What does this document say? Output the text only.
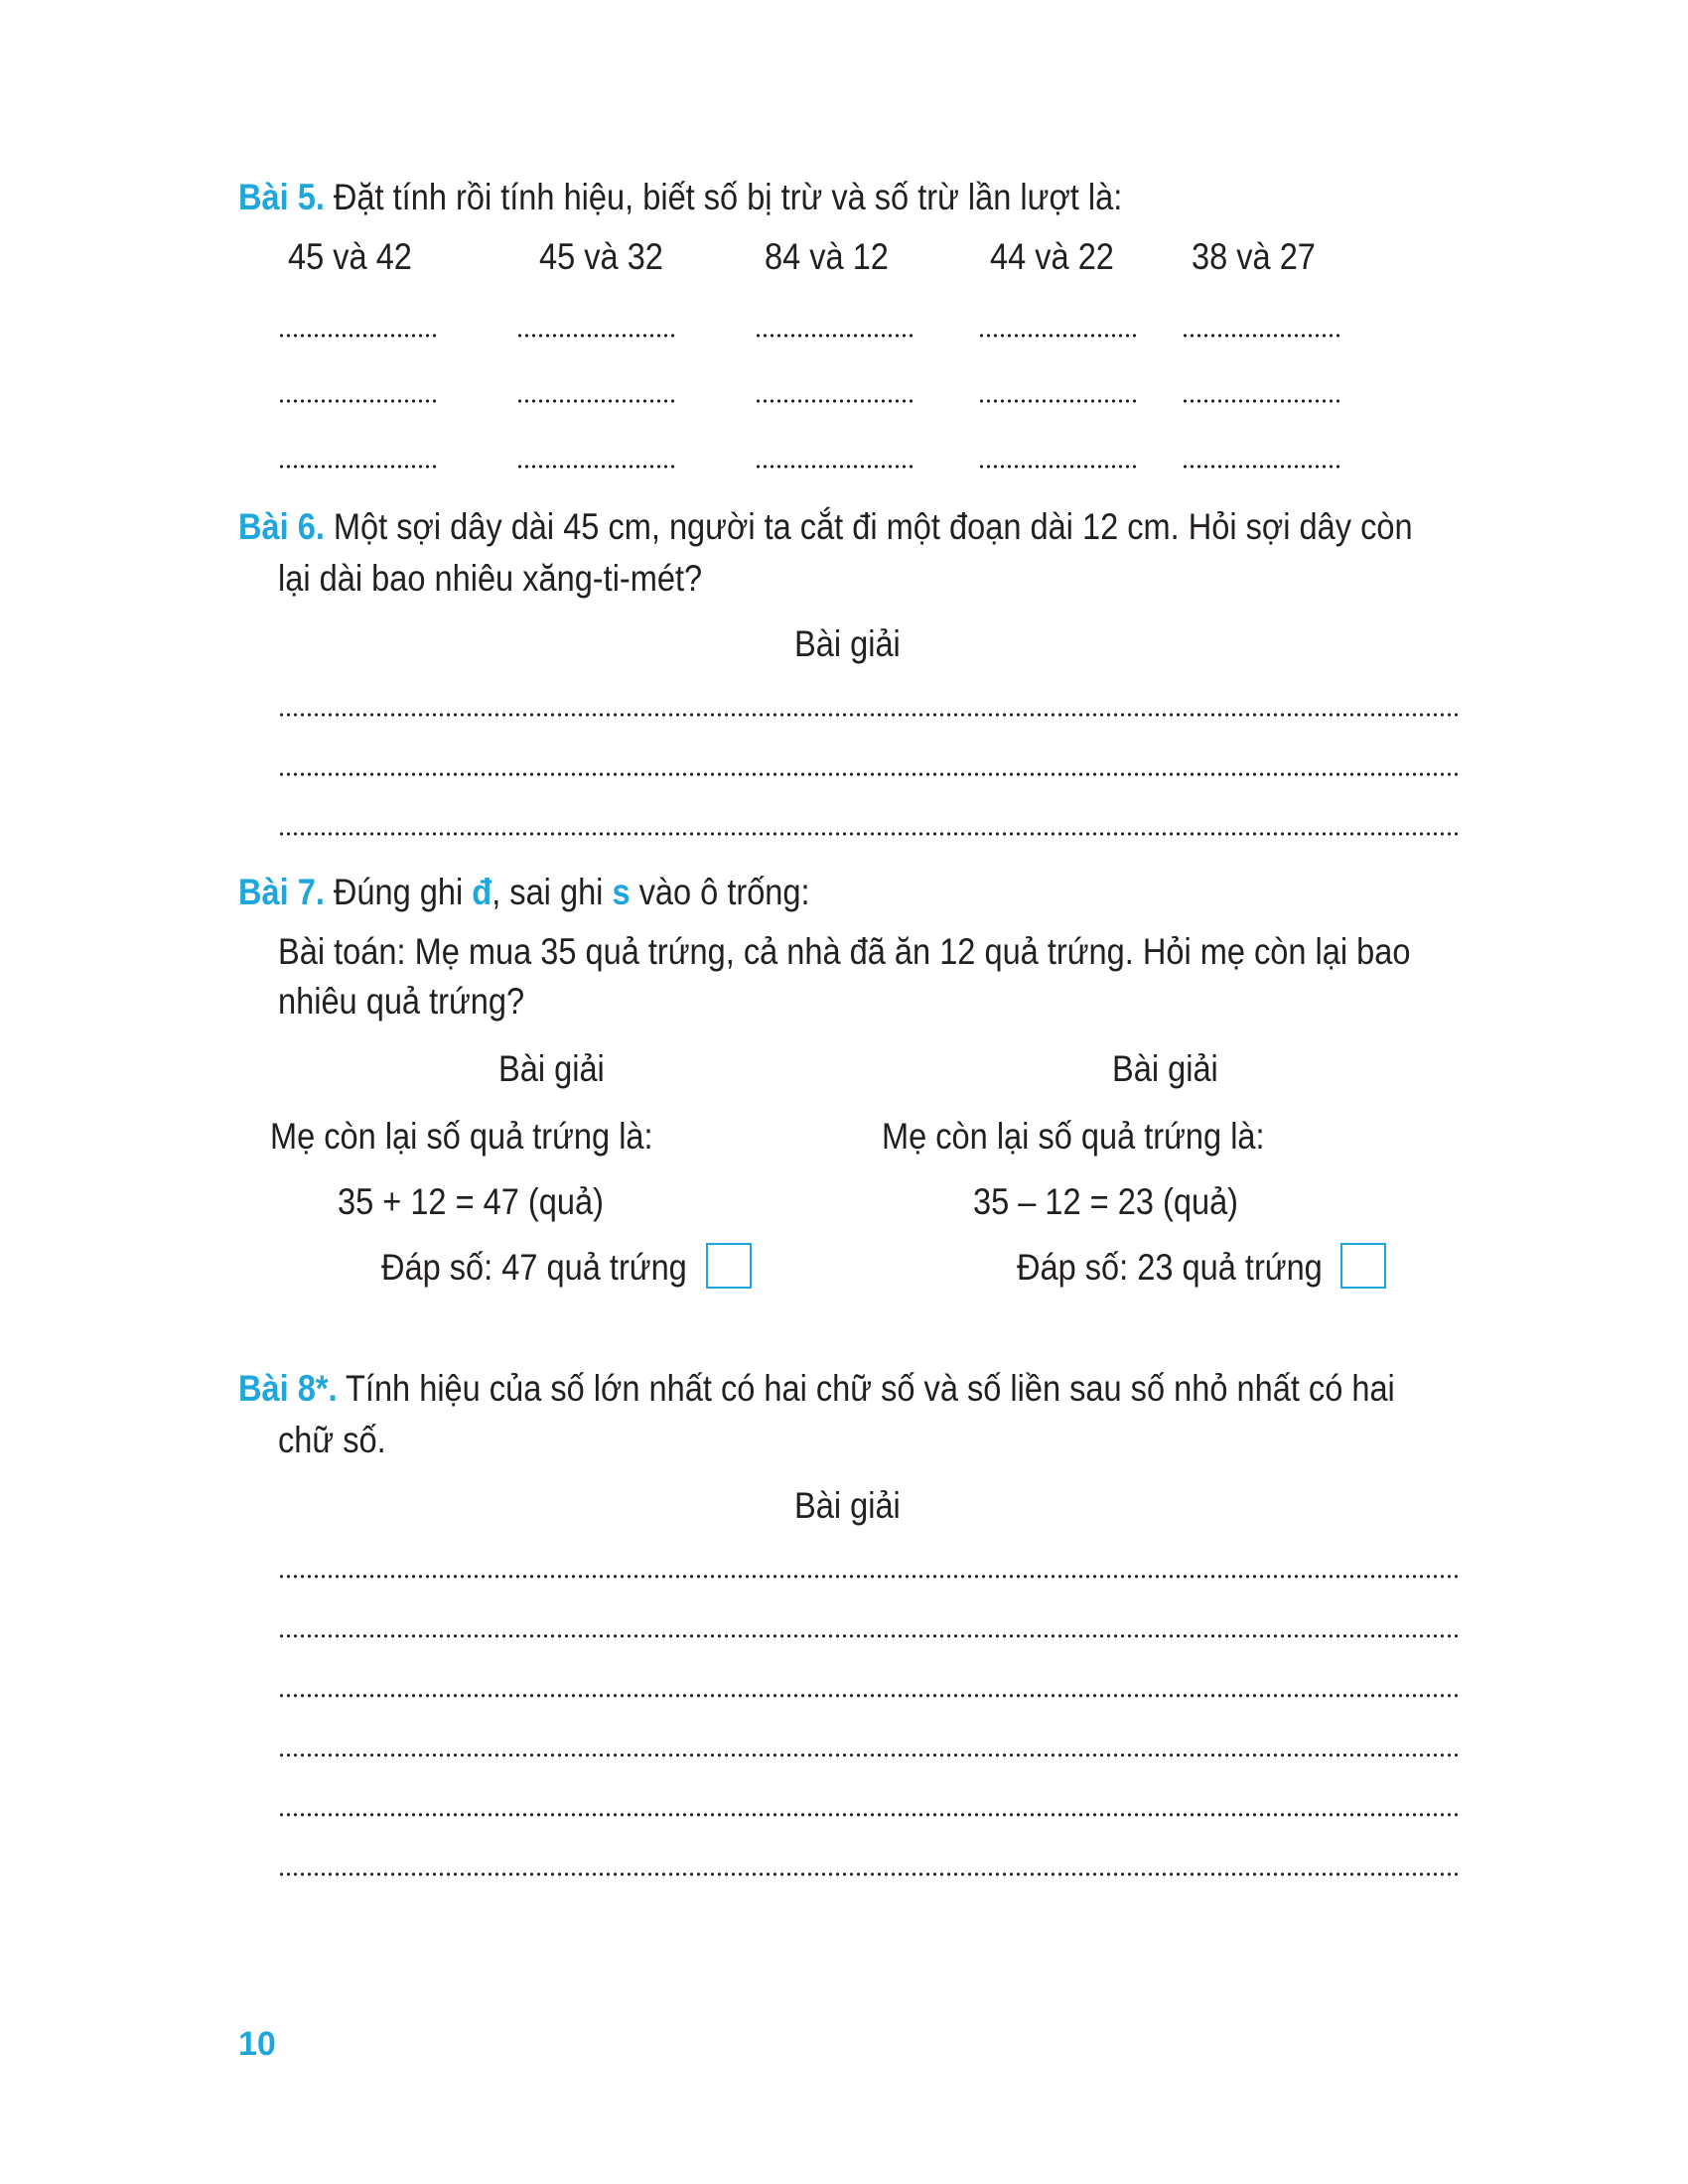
Bài 5. Đặt tính rồi tính hiệu, biết số bị trừ và số trừ lần lượt là:
45 và 42	45 và 32	84 và 12	44 và 22 38 và 27
Bài 6. Một sợi dây dài 45 cm, người ta cắt đi một đoạn dài 12 cm. Hỏi sợi dây còn
lại dài bao nhiêu xăng-ti-mét?
Bài giải
Bài 7. Đúng ghi đ, sai ghi s vào ô trống:
Bài toán: Mẹ mua 35 quả trứng, cả nhà đã ăn 12 quả trứng. Hỏi mẹ còn lại bao
nhiêu quả trứng?
Bài giải
Mẹ còn lại số quả trứng là:
35 + 12 = 47 (quả)
Đáp số: 47 quả trứng
Bài giải
Mẹ còn lại số quả trứng là:
35 – 12 = 23 (quả)
Đáp số: 23 quả trứng
Bài 8*. Tính hiệu của số lớn nhất có hai chữ số và số liền sau số nhỏ nhất có hai
chữ số.
Bài giải
10
